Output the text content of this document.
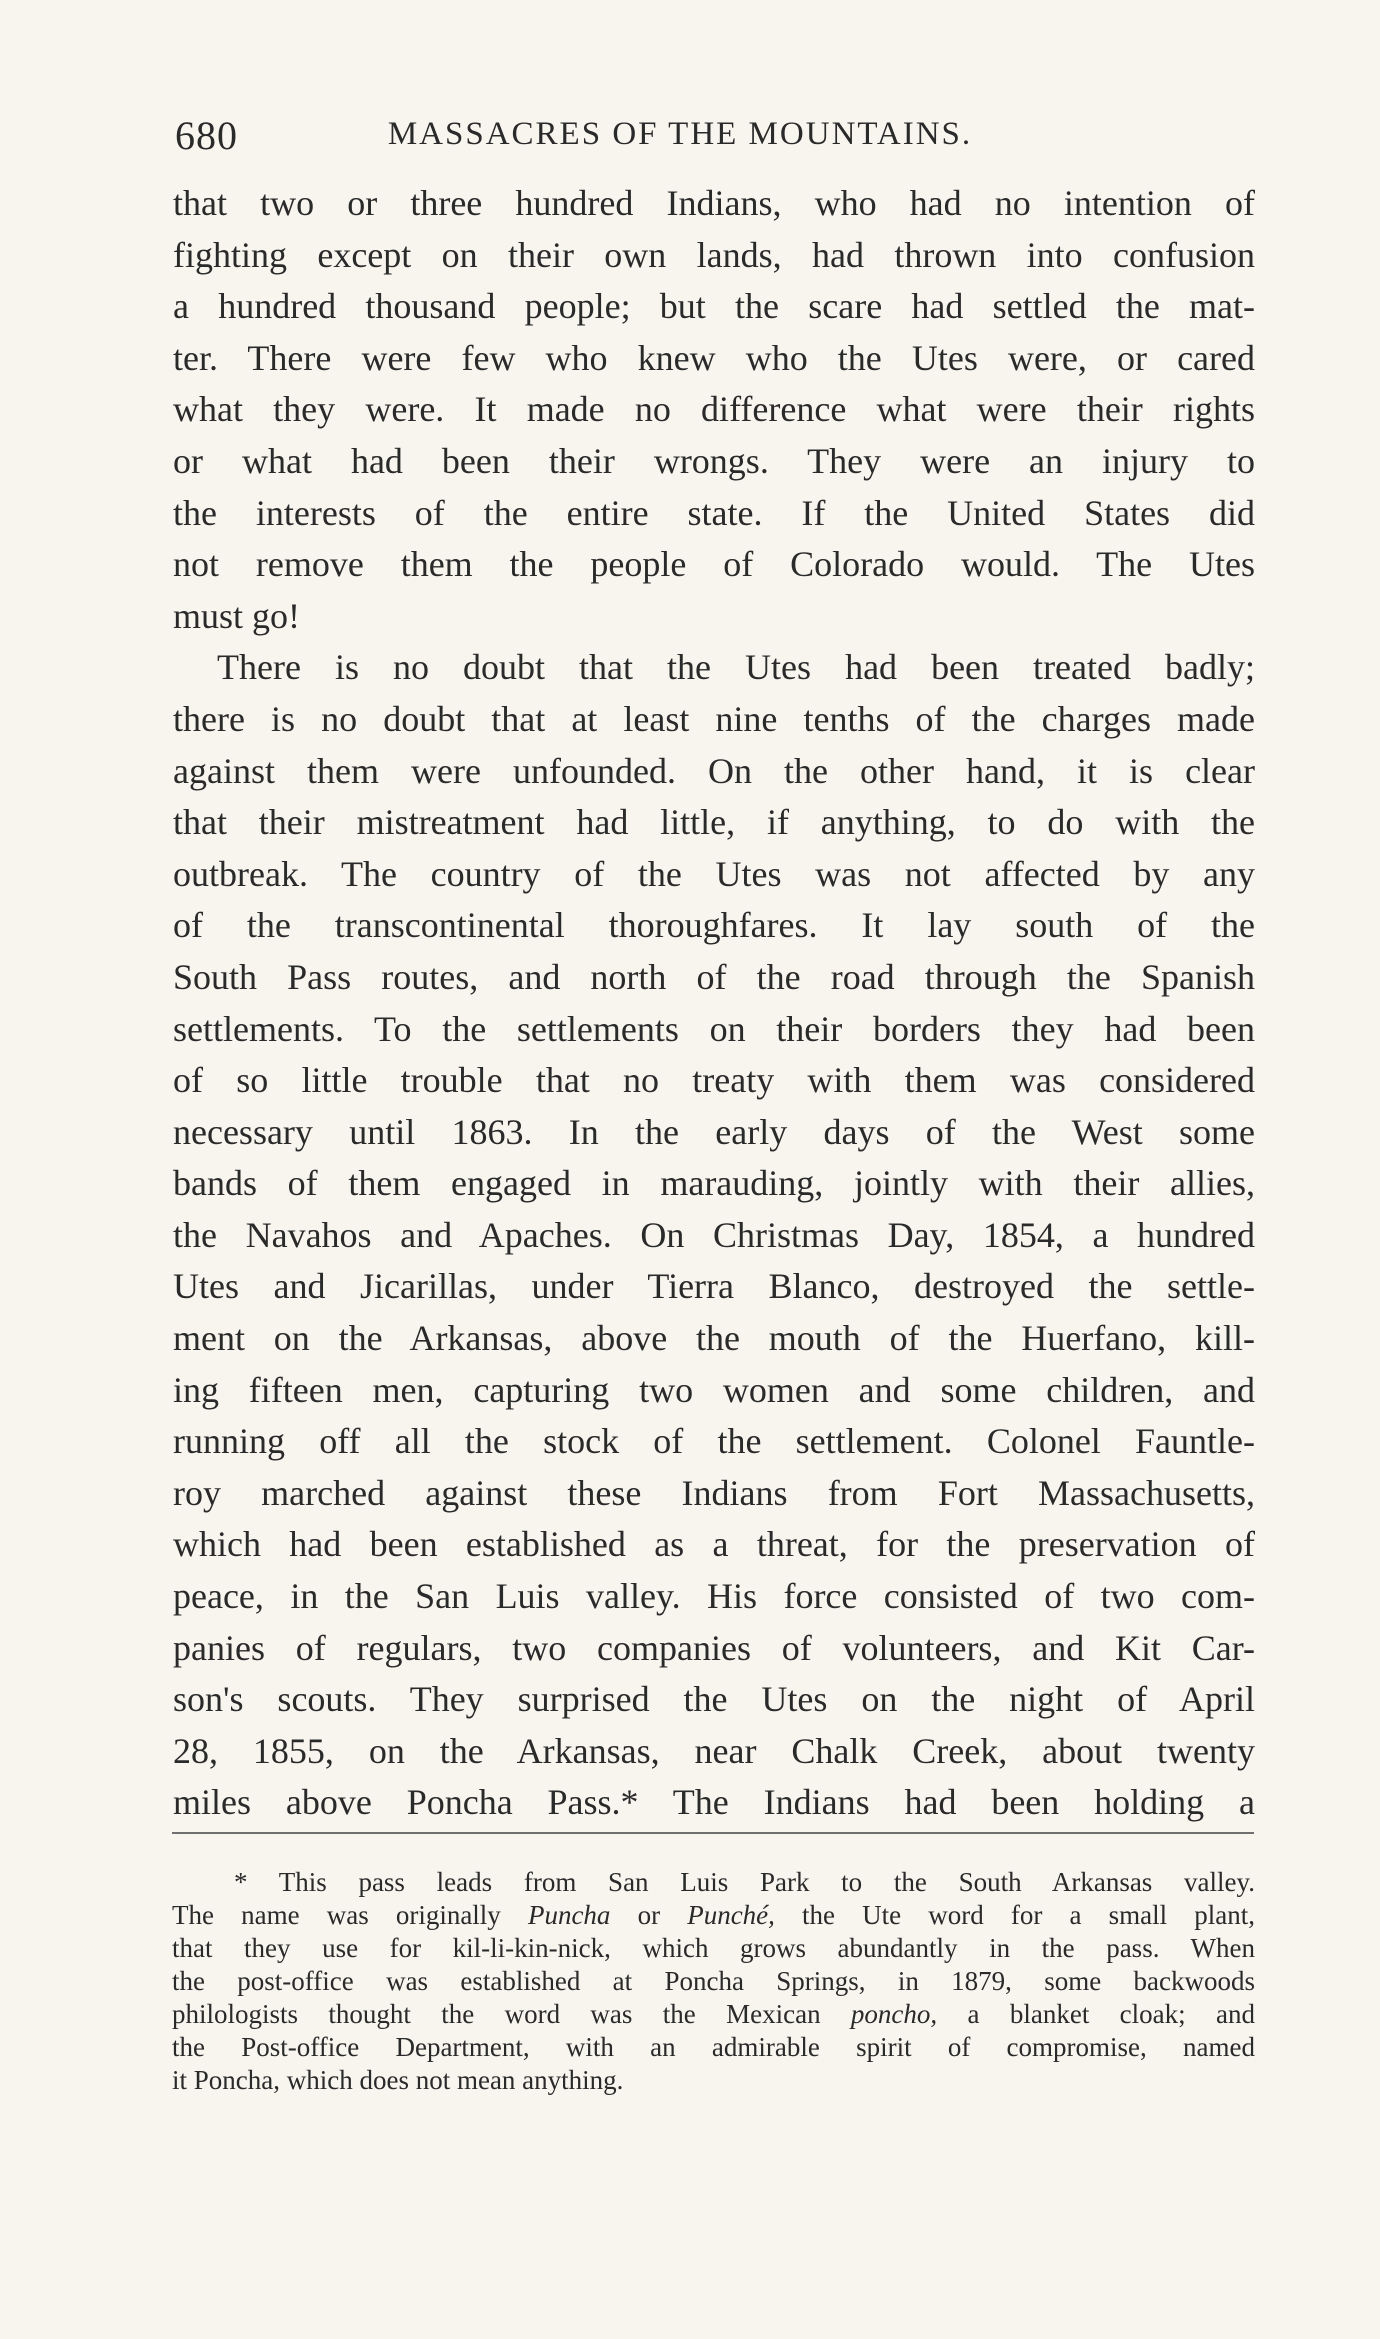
680	MASSACRES OF THE MOUNTAINS.
that two or three hundred Indians, who had no intention of
fighting except on their own lands, had thrown into confusion
a hundred thousand people; but the scare had settled the mat-
ter. There were few who knew who the Utes were, or cared
what they were. It made no difference what were their rights
or what had been their wrongs. They were an injury to
the interests of the entire state. If the United States did
not remove them the people of Colorado would. The Utes
must go!
There is no doubt that the Utes had been treated badly;
there is no doubt that at least nine tenths of the charges made
against them were unfounded. On the other hand, it is clear
that their mistreatment had little, if anything, to do with the
outbreak. The country of the Utes was not affected by any
of the transcontinental thoroughfares. It lay south of the
South Pass routes, and north of the road through the Spanish
settlements. To the settlements on their borders they had been
of so little trouble that no treaty with them was considered
necessary until 1863. In the early days of the West some
bands of them engaged in marauding, jointly with their allies,
the Navahos and Apaches. On Christmas Day, 1854, a hundred
Utes and Jicarillas, under Tierra Blanco, destroyed the settle-
ment on the Arkansas, above the mouth of the Huerfano, kill-
ing fifteen men, capturing two women and some children, and
running off all the stock of the settlement. Colonel Fauntle-
roy marched against these Indians from Fort Massachusetts,
which had been established as a threat, for the preservation of
peace, in the San Luis valley. His force consisted of two com-
panies of regulars, two companies of volunteers, and Kit Car-
son's scouts. They surprised the Utes on the night of April
28, 1855, on the Arkansas, near Chalk Creek, about twenty
miles above Poncha Pass.* The Indians had been holding a
* This pass leads from San Luis Park to the South Arkansas valley.
The name was originally Puncha or Punché, the Ute word for a small plant,
that they use for kil-li-kin-nick, which grows abundantly in the pass. When
the post-office was established at Poncha Springs, in 1879, some backwoods
philologists thought the word was the Mexican poncho, a blanket cloak; and
the Post-office Department, with an admirable spirit of compromise, named
it Poncha, which does not mean anything.
